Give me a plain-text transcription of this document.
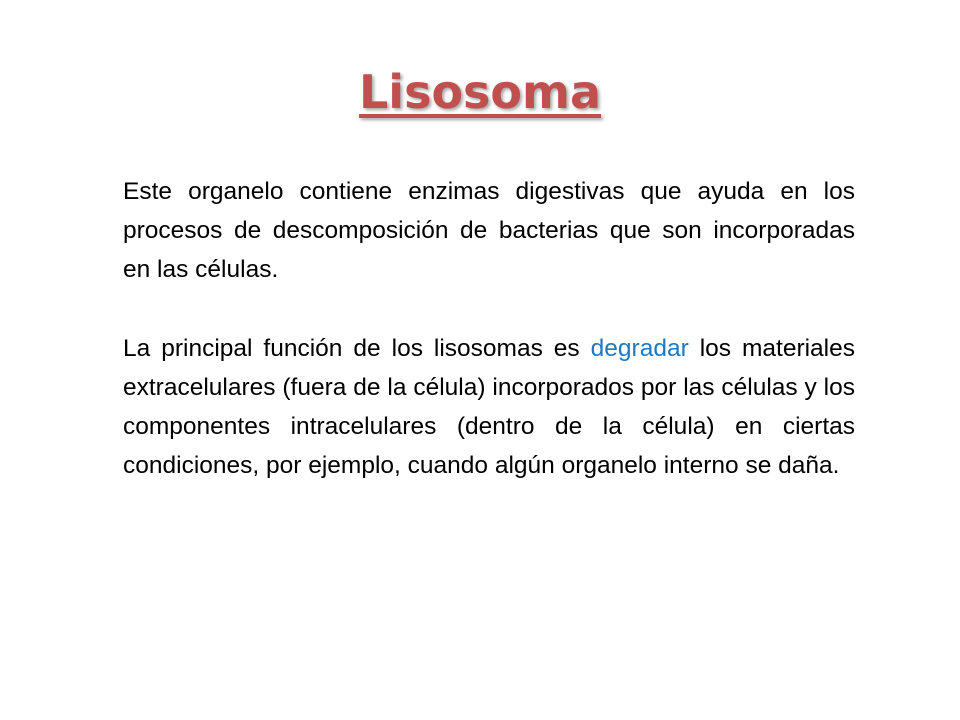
Lisosoma

Este organelo contiene enzimas digestivas que ayuda en los procesos de descomposición de bacterias que son incorporadas en las células.

La principal función de los lisosomas es degradar los materiales extracelulares (fuera de la célula) incorporados por las células y los componentes intracelulares (dentro de la célula) en ciertas condiciones, por ejemplo, cuando algún organelo interno se daña.
